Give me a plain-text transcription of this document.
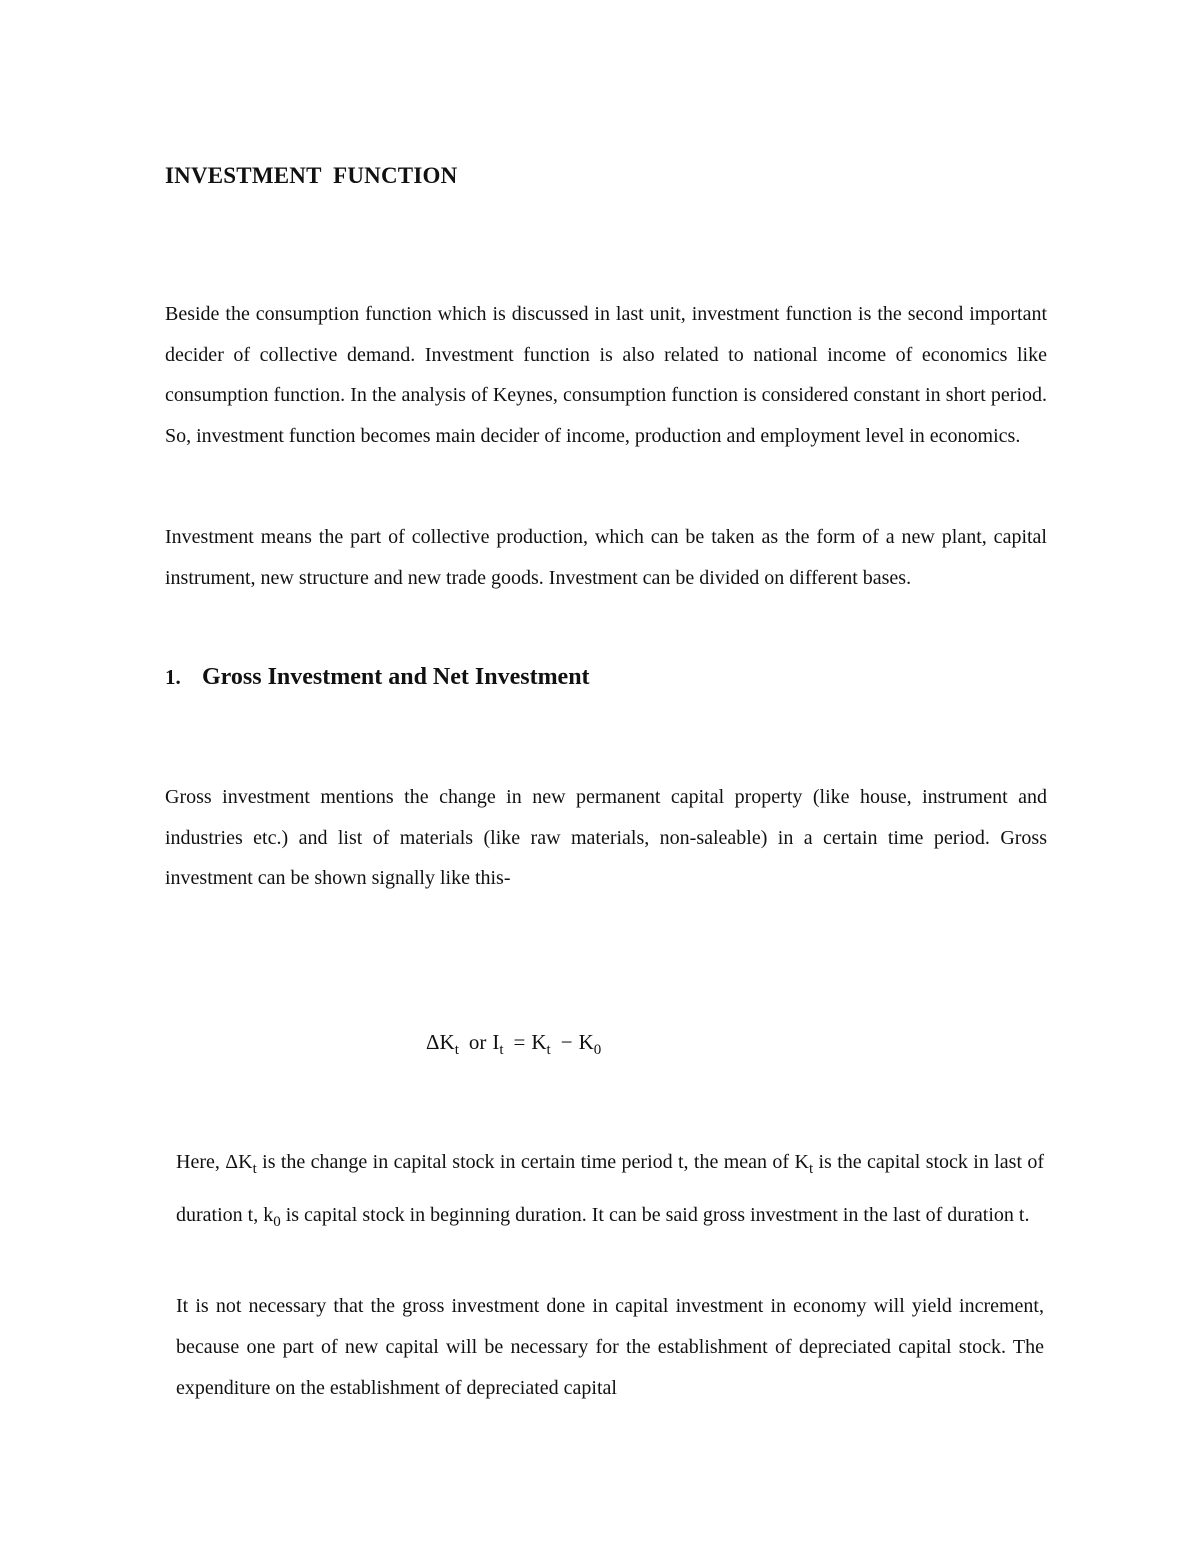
INVESTMENT  FUNCTION

Beside the consumption function which is discussed in last unit, investment function is the second important decider of collective demand. Investment function is also related to national income of economics like consumption function. In the analysis of Keynes, consumption function is considered constant in short period. So, investment function becomes main decider of income, production and employment level in economics.

Investment means the part of collective production, which can be taken as the form of a new plant, capital instrument, new structure and new trade goods. Investment can be divided on different bases.

1. Gross Investment and Net Investment

Gross investment mentions the change in new permanent capital property (like house, instrument and industries etc.) and list of materials (like raw materials, non-saleable) in a certain time period. Gross investment can be shown signally like this-

ΔKt or It = Kt − K0

Here, $\Delta K_t$ is the change in capital stock in certain time period t, the mean of $K_t$ is the capital stock in last of duration t, $k_0$ is capital stock in beginning duration. It can be said gross investment in the last of duration t.

It is not necessary that the gross investment done in capital investment in economy will yield increment, because one part of new capital will be necessary for the establishment of depreciated capital stock. The expenditure on the establishment of depreciated capital
